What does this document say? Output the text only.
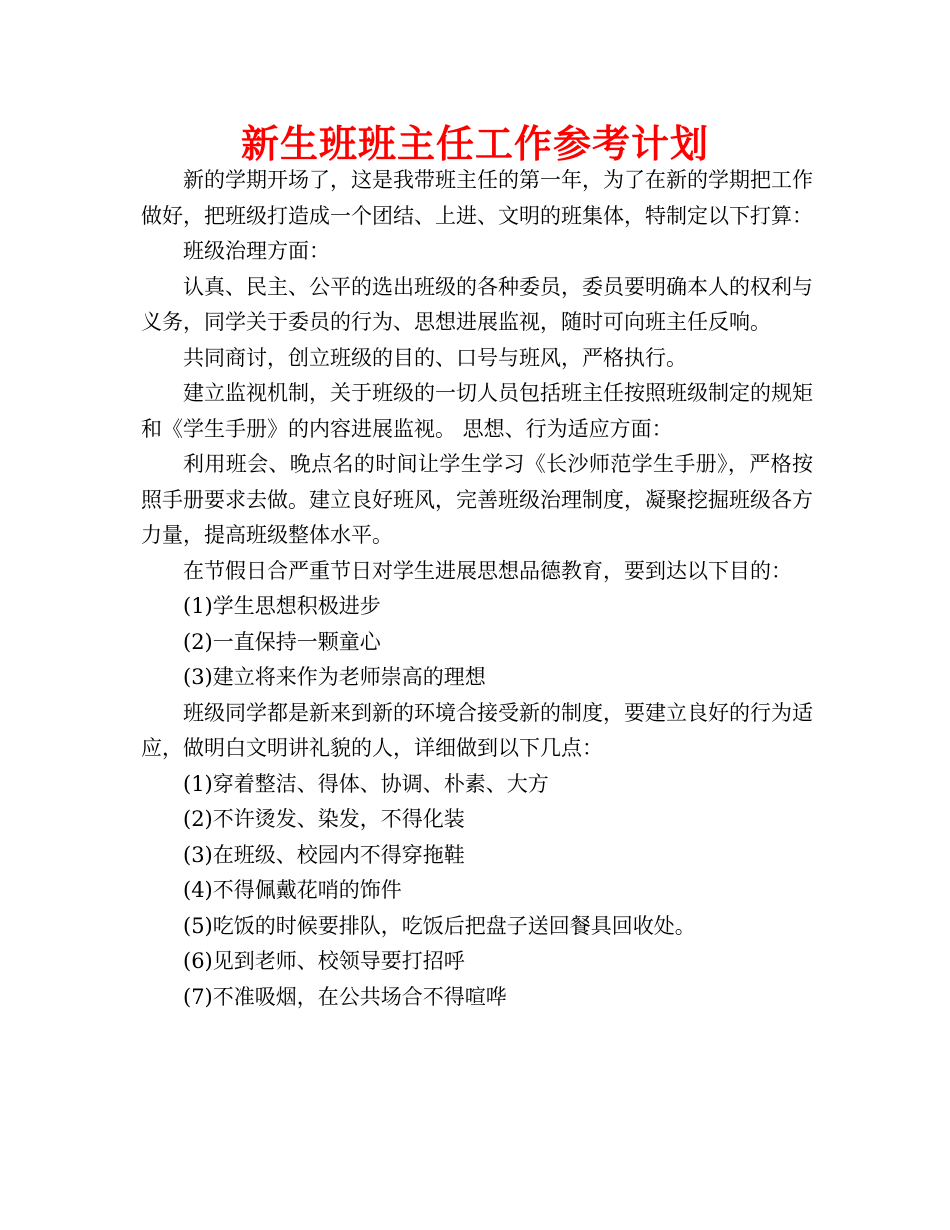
新生班班主任工作参考计划

新的学期开场了，这是我带班主任的第一年，为了在新的学期把工作做好，把班级打造成一个团结、上进、文明的班集体，特制定以下打算：

班级治理方面：

认真、民主、公平的选出班级的各种委员，委员要明确本人的权利与义务，同学关于委员的行为、思想进展监视，随时可向班主任反响。

共同商讨，创立班级的目的、口号与班风，严格执行。

建立监视机制，关于班级的一切人员包括班主任按照班级制定的规矩和《学生手册》的内容进展监视。 思想、行为适应方面：

利用班会、晚点名的时间让学生学习《长沙师范学生手册》，严格按照手册要求去做。建立良好班风，完善班级治理制度，凝聚挖掘班级各方力量，提高班级整体水平。

在节假日合严重节日对学生进展思想品德教育，要到达以下目的：

(1)学生思想积极进步

(2)一直保持一颗童心

(3)建立将来作为老师崇高的理想

班级同学都是新来到新的环境合接受新的制度，要建立良好的行为适应，做明白文明讲礼貌的人，详细做到以下几点：

(1)穿着整洁、得体、协调、朴素、大方

(2)不许烫发、染发，不得化装

(3)在班级、校园内不得穿拖鞋

(4)不得佩戴花哨的饰件

(5)吃饭的时候要排队，吃饭后把盘子送回餐具回收处。

(6)见到老师、校领导要打招呼

(7)不准吸烟，在公共场合不得喧哗
